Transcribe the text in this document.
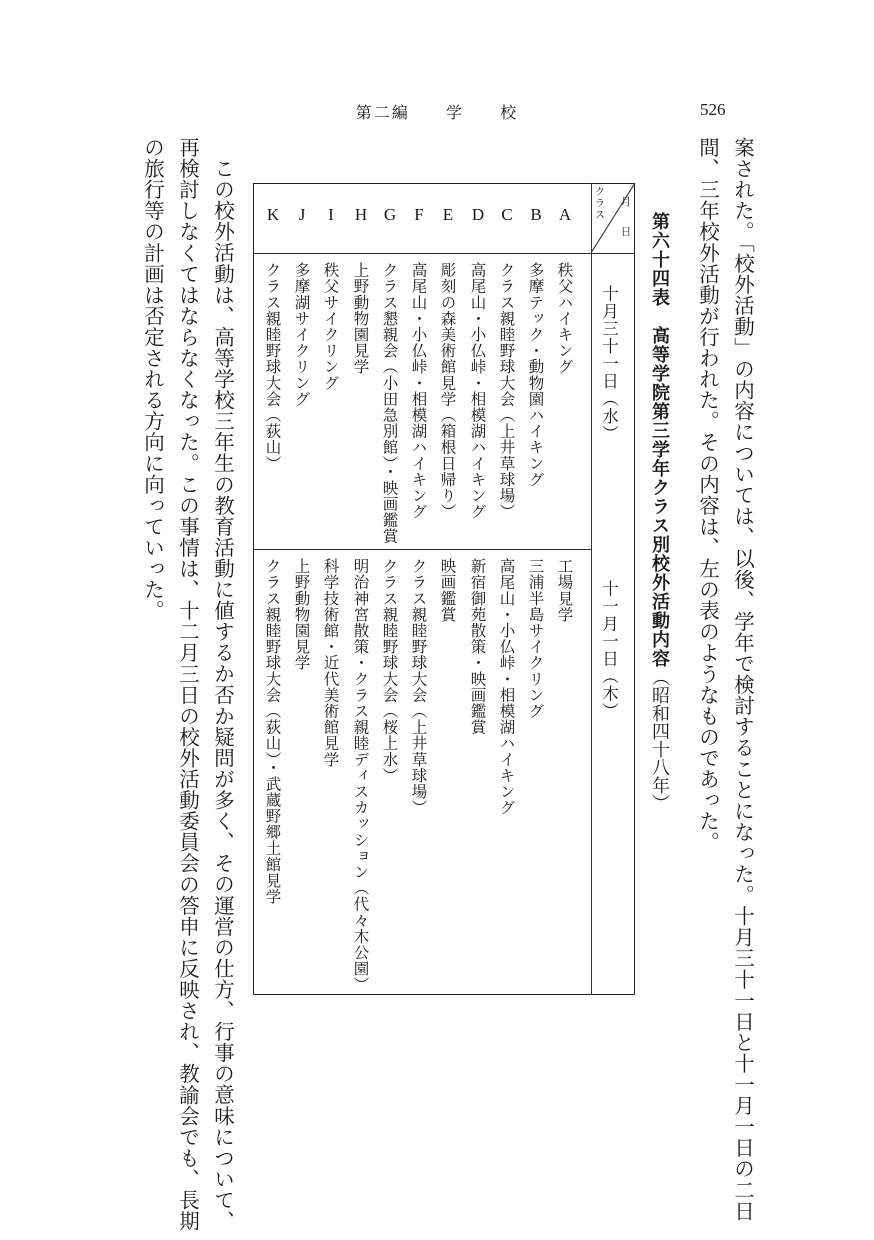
第二編 学 校	526
案された。「校外活動」の内容については、以後、学年で検討することになった。十月三十一日と十一月一日の二日
間、三年校外活動が行われた。その内容は、左の表のようなものであった。
第六十四表　高等学院第三学年クラス別校外活動内容（昭和四十八年）
月
日
クラス
十月三十一日（水）
十一月一日（木）
A
B
C
D
E
F
G
H
I
J
K
秩父ハイキング
多摩テック・動物園ハイキング
クラス親睦野球大会（上井草球場）
高尾山・小仏峠・相模湖ハイキング
彫刻の森美術館見学（箱根日帰り）
高尾山・小仏峠・相模湖ハイキング
クラス懇親会（小田急別館）・映画鑑賞
上野動物園見学
秩父サイクリング
多摩湖サイクリング
クラス親睦野球大会（荻山）
工場見学
三浦半島サイクリング
高尾山・小仏峠・相模湖ハイキング
新宿御苑散策・映画鑑賞
映画鑑賞
クラス親睦野球大会（上井草球場）
クラス親睦野球大会（桜上水）
明治神宮散策・クラス親睦ディスカッション（代々木公園）
科学技術館・近代美術館見学
上野動物園見学
クラス親睦野球大会（荻山）・武蔵野郷土館見学
この校外活動は、高等学校三年生の教育活動に値するか否か疑問が多く、その運営の仕方、行事の意味について、
再検討しなくてはならなくなった。この事情は、十二月三日の校外活動委員会の答申に反映され、教諭会でも、長期
の旅行等の計画は否定される方向に向っていった。
